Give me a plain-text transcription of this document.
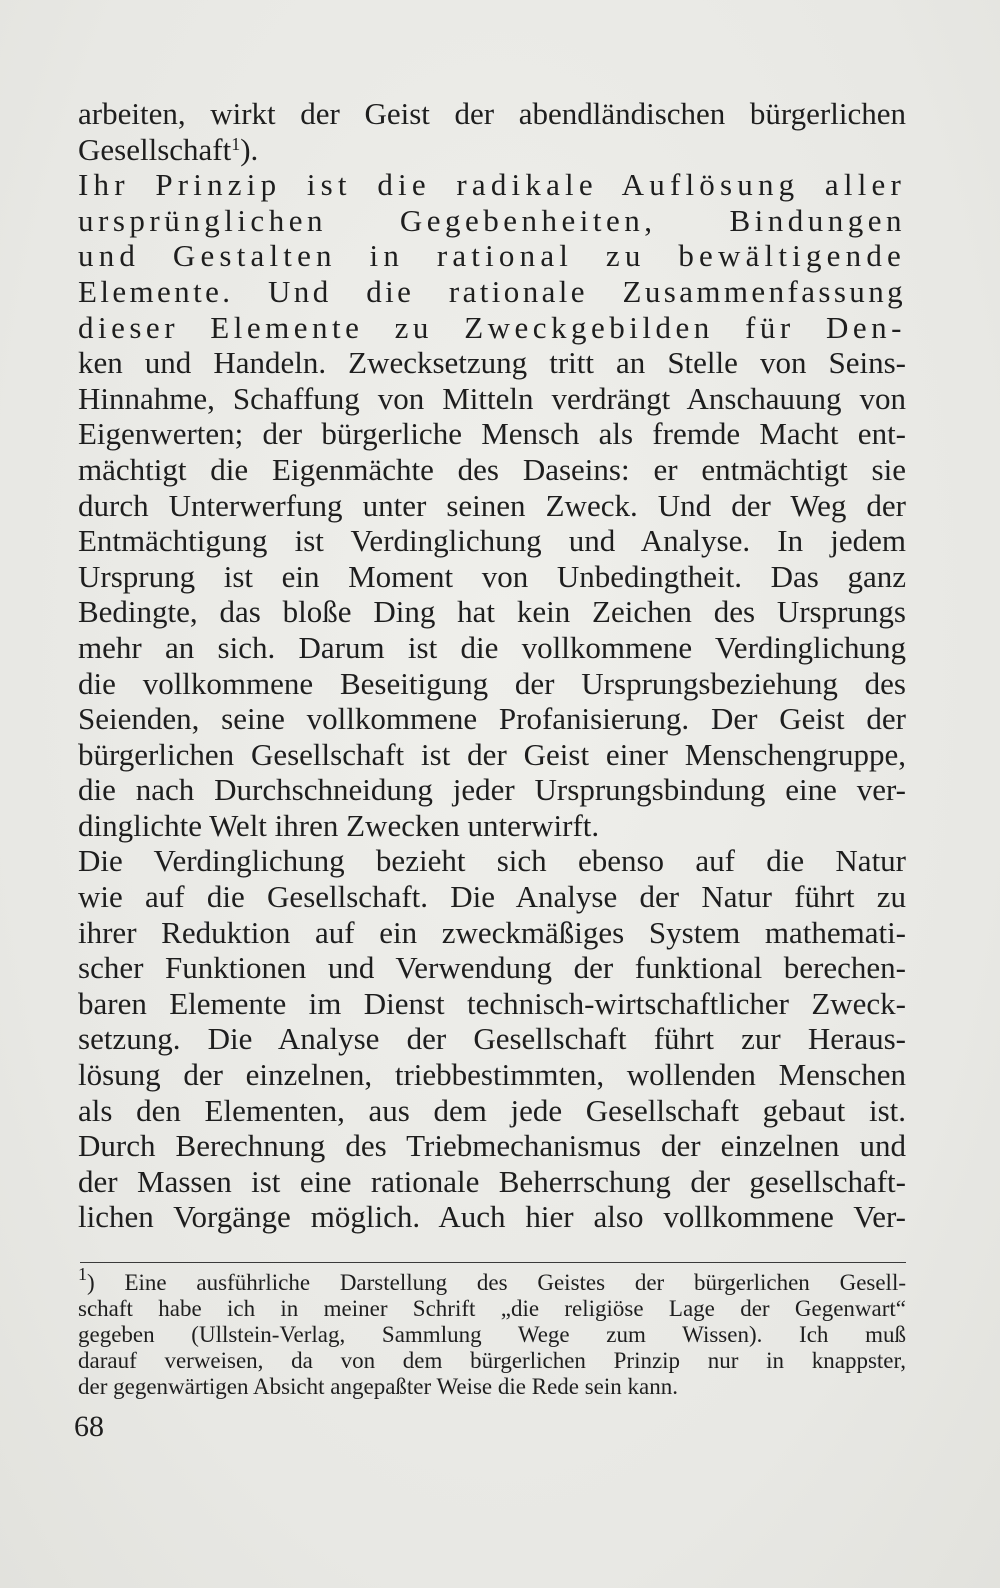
arbeiten, wirkt der Geist der abendländischen bürgerlichen
Gesellschaft$^1$).
Ihr Prinzip ist die radikale Auflösung aller
ursprünglichen Gegebenheiten, Bindungen
und Gestalten in rational zu bewältigende
Elemente. Und die rationale Zusammenfassung
dieser Elemente zu Zweckgebilden für Den-
ken und Handeln. Zwecksetzung tritt an Stelle von Seins-
Hinnahme, Schaffung von Mitteln verdrängt Anschauung von
Eigenwerten; der bürgerliche Mensch als fremde Macht ent-
mächtigt die Eigenmächte des Daseins: er entmächtigt sie
durch Unterwerfung unter seinen Zweck. Und der Weg der
Entmächtigung ist Verdinglichung und Analyse. In jedem
Ursprung ist ein Moment von Unbedingtheit. Das ganz
Bedingte, das bloße Ding hat kein Zeichen des Ursprungs
mehr an sich. Darum ist die vollkommene Verdinglichung
die vollkommene Beseitigung der Ursprungsbeziehung des
Seienden, seine vollkommene Profanisierung. Der Geist der
bürgerlichen Gesellschaft ist der Geist einer Menschengruppe,
die nach Durchschneidung jeder Ursprungsbindung eine ver-
dinglichte Welt ihren Zwecken unterwirft.
Die Verdinglichung bezieht sich ebenso auf die Natur
wie auf die Gesellschaft. Die Analyse der Natur führt zu
ihrer Reduktion auf ein zweckmäßiges System mathemati-
scher Funktionen und Verwendung der funktional berechen-
baren Elemente im Dienst technisch-wirtschaftlicher Zweck-
setzung. Die Analyse der Gesellschaft führt zur Heraus-
lösung der einzelnen, triebbestimmten, wollenden Menschen
als den Elementen, aus dem jede Gesellschaft gebaut ist.
Durch Berechnung des Triebmechanismus der einzelnen und
der Massen ist eine rationale Beherrschung der gesellschaft-
lichen Vorgänge möglich. Auch hier also vollkommene Ver-
$^1$) Eine ausführliche Darstellung des Geistes der bürgerlichen Gesell-
schaft habe ich in meiner Schrift „die religiöse Lage der Gegenwart“
gegeben (Ullstein-Verlag, Sammlung Wege zum Wissen). Ich muß
darauf verweisen, da von dem bürgerlichen Prinzip nur in knappster,
der gegenwärtigen Absicht angepaßter Weise die Rede sein kann.
68
